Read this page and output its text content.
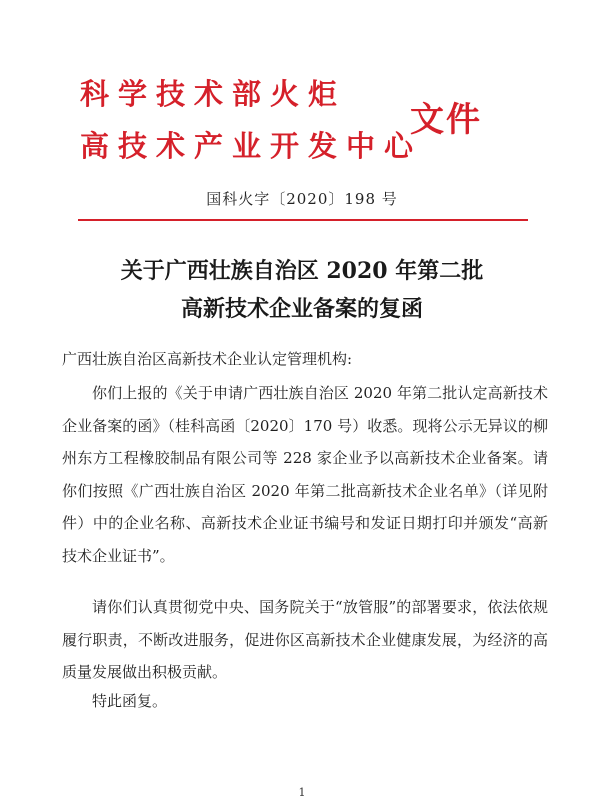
科学技术部火炬
高技术产业开发中心
文件
国科火字〔2020〕198 号
关于广西壮族自治区 2020 年第二批
高新技术企业备案的复函
广西壮族自治区高新技术企业认定管理机构:
你们上报的《关于申请广西壮族自治区 2020 年第二批认定高新技术企业备案的函》（桂科高函〔2020〕170 号）收悉。现将公示无异议的柳州东方工程橡胶制品有限公司等 228 家企业予以高新技术企业备案。请你们按照《广西壮族自治区 2020 年第二批高新技术企业名单》（详见附件）中的企业名称、高新技术企业证书编号和发证日期打印并颁发“高新技术企业证书”。
请你们认真贯彻党中央、国务院关于“放管服”的部署要求，依法依规履行职责，不断改进服务，促进你区高新技术企业健康发展，为经济的高质量发展做出积极贡献。
特此函复。
1
